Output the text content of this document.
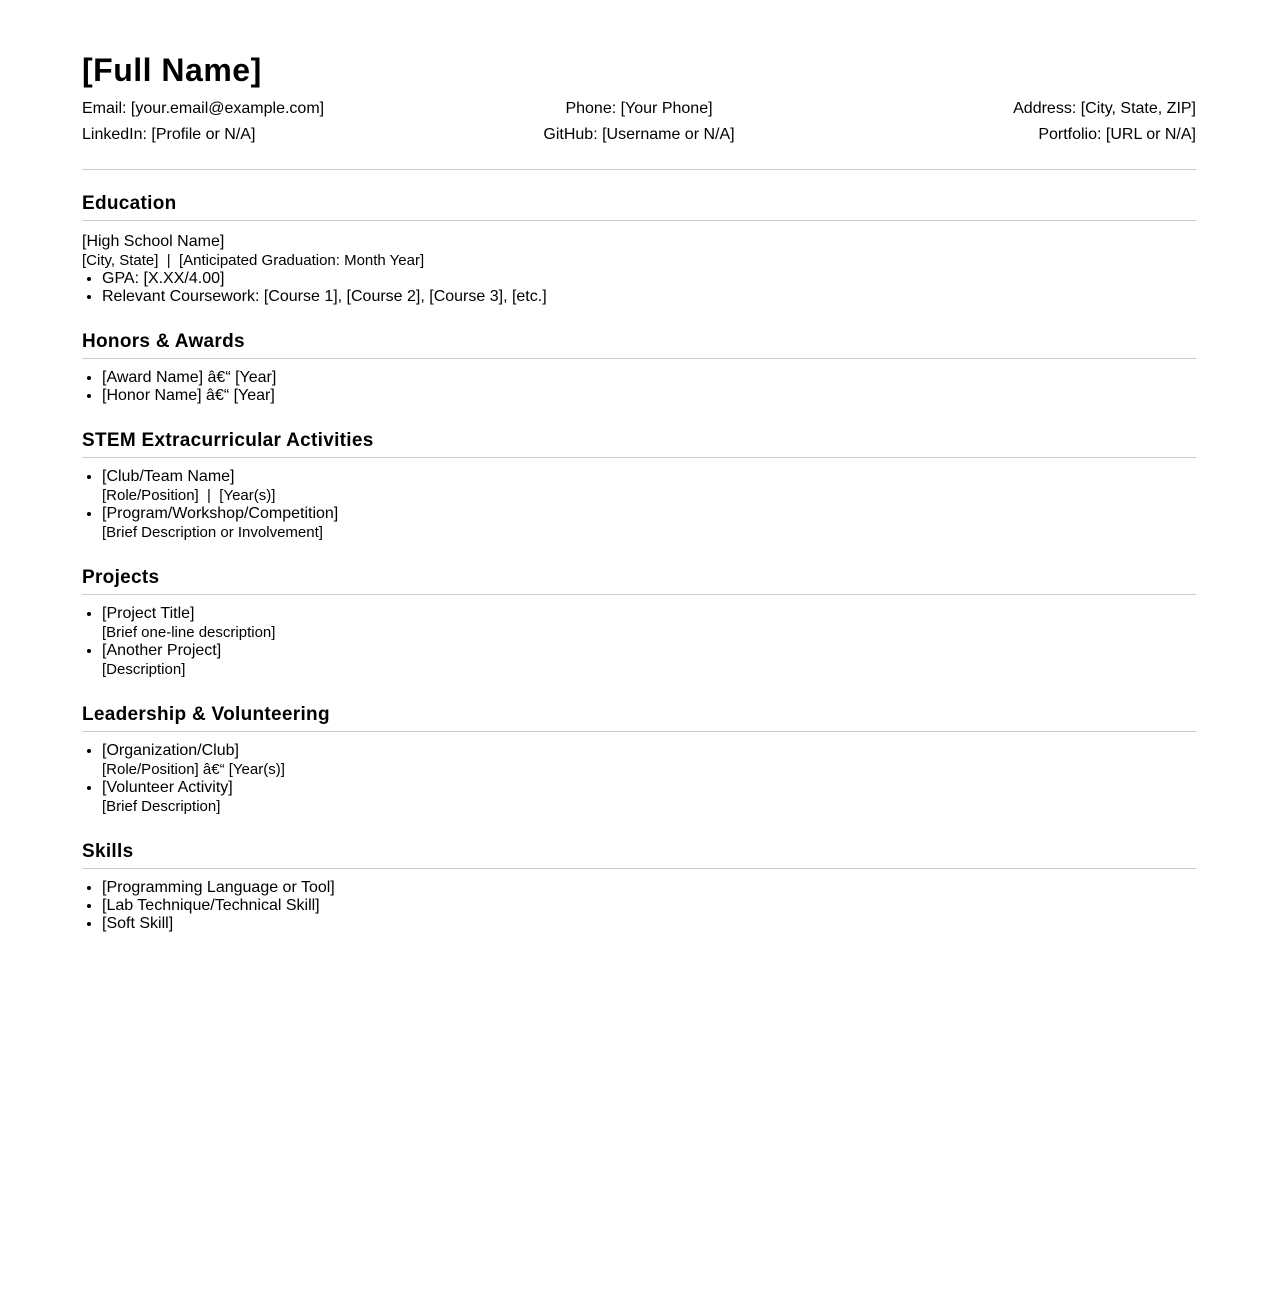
[Full Name]
Email: [your.email@example.com]	Phone: [Your Phone]	Address: [City, State, ZIP]
LinkedIn: [Profile or N/A]	GitHub: [Username or N/A]	Portfolio: [URL or N/A]
Education
[High School Name]
[City, State]  |  [Anticipated Graduation: Month Year]
• GPA: [X.XX/4.00]
• Relevant Coursework: [Course 1], [Course 2], [Course 3], [etc.]
Honors & Awards
• [Award Name] â€“ [Year]
• [Honor Name] â€“ [Year]
STEM Extracurricular Activities
• [Club/Team Name]
[Role/Position]  |  [Year(s)]
• [Program/Workshop/Competition]
[Brief Description or Involvement]
Projects
• [Project Title]
[Brief one-line description]
• [Another Project]
[Description]
Leadership & Volunteering
• [Organization/Club]
[Role/Position] â€“ [Year(s)]
• [Volunteer Activity]
[Brief Description]
Skills
• [Programming Language or Tool]
• [Lab Technique/Technical Skill]
• [Soft Skill]
